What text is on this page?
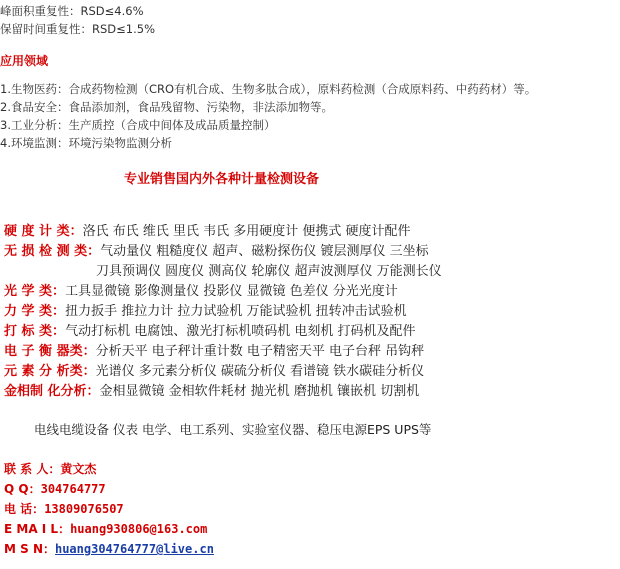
峰面积重复性：RSD≤4.6%
保留时间重复性：RSD≤1.5%
应用领域
1.生物医药：合成药物检测（CRO有机合成、生物多肽合成），原料药检测（合成原料药、中药药材）等。
2.食品安全：食品添加剂，食品残留物、污染物，非法添加物等。
3.工业分析：生产质控（合成中间体及成品质量控制）
4.环境监测：环境污染物监测分析
专业销售国内外各种计量检测设备
硬 度 计 类：洛氏 布氏 维氏 里氏 韦氏 多用硬度计 便携式 硬度计配件
无 损 检 测 类：气动量仪 粗糙度仪 超声、磁粉探伤仪 镀层测厚仪 三坐标
刀具预调仪 圆度仪 测高仪 轮廓仪 超声波测厚仪 万能测长仪
光 学 类：工具显微镜 影像测量仪 投影仪 显微镜 色差仪 分光光度计
力 学 类：扭力扳手 推拉力计 拉力试验机 万能试验机 扭转冲击试验机
打 标 类：气动打标机 电腐蚀、激光打标机喷码机 电刻机 打码机及配件
电 子 衡 器类：分析天平 电子秤计重计数 电子精密天平 电子台秤 吊钩秤
元 素 分 析类：光谱仪 多元素分析仪 碳硫分析仪 看谱镜 铁水碳硅分析仪
金相制 化分析：金相显微镜 金相软件耗材 抛光机 磨抛机 镶嵌机 切割机
电线电缆设备 仪表 电学、电工系列、实验室仪器、稳压电源EPS UPS等
联 系 人：黄文杰
Q Q：304764777
电 话：13809076507
E MA I L：huang930806@163.com
M S N：huang304764777@live.cn
